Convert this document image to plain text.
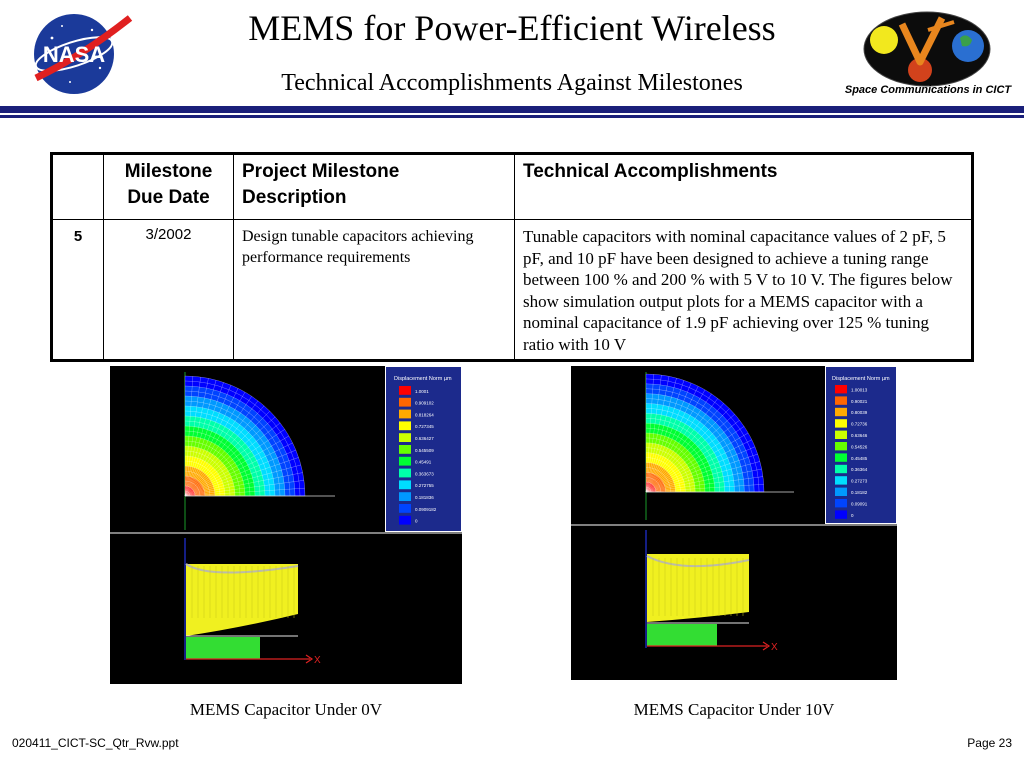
NASA
MEMS for Power-Efficient Wireless
Technical Accomplishments Against Milestones	Space Communications in CICT
	Milestone Due Date	Project Milestone Description	Technical Accomplishments
5	3/2002	Design tunable capacitors achieving performance requirements	Tunable capacitors with nominal capacitance values of 2 pF, 5 pF, and 10 pF have been designed to achieve a tuning range between 100 % and 200 % with 5 V to 10 V. The figures below show simulation output plots for a MEMS capacitor with a nominal capacitance of 1.9 pF achieving over 125 % tuning ratio with 10 V
Displacement Norm µm
1.0001
0.909102
0.818264
0.727345
0.636427
0.545509
0.45491
0.363673
0.272755
0.181836
0.0909182
0
X
MEMS Capacitor Under 0V
Displacement Norm µm
1.00013
0.90021
0.80039
0.72736
0.63646
0.54526
0.45485
0.36364
0.27273
0.18182
0.09091
0
X
MEMS Capacitor Under 10V
020411_CICT-SC_Qtr_Rvw.ppt	Page 23
